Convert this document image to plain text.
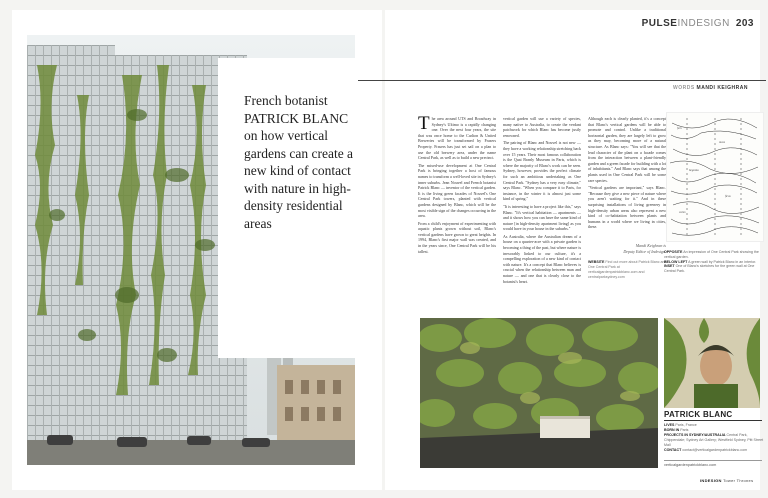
PULSEINDESIGN 203
French botanist PATRICK BLANC on how vertical gardens can create a new kind of contact with nature in high-density residential areas
WORDS MANDI KEIGHRAN

The area around UTS and Broadway in Sydney's Ultimo is a rapidly changing one. Over the next four years, the site that was once home to the Carlton & United Breweries will be transformed by Frasers Property. Frasers has just set sail on a plan to use the old brewery area, under the name Central Park, as well as to build a new precinct.

The mixed-use development at One Central Park is bringing together a host of famous names to transform a well-loved site in Sydney's inner suburbs. Jean Nouvel and French botanist Patrick Blanc — inventor of the vertical garden. It is the living green facades of Nouvel's One Central Park towers, planted with vertical gardens designed by Blanc, which will be the most visible sign of the changes occurring in the area.

From a child's enjoyment of experimenting with aquatic plants grown without soil, Blanc's vertical gardens have grown to great heights. In 1994, Blanc's first major wall was created, and in the years since, One Central Park will be his tallest.

vertical garden will use a variety of species, many native to Australia, to create the verdant patchwork for which Blanc has become justly renowned.

The pairing of Blanc and Nouvel is not new — they have a working relationship stretching back over 15 years. Their most famous collaboration is the Quai Branly Museum in Paris, which is where the majority of Blanc's work can be seen. Sydney, however, provides the perfect climate for such an ambitious undertaking as One Central Park. "Sydney has a very easy climate," says Blanc. "When you compare it to Paris, for instance, in the winter it is almost just some kind of spring."

"It is interesting to have a project like this," says Blanc. "It's vertical habitation — apartments — and it shows how you can have the same kind of nature [in high-density apartment living] as you would have in your house in the suburbs."

As Australia, where the Australian dream of a house on a quarter-acre with a private garden is becoming a thing of the past, but where nature is inexorably linked to our culture, it's a compelling exploration of a new kind of contact with nature. It's a concept that Blanc believes is crucial when the relationship between man and nature — and one that is clearly close to the botanist's heart.

Although each is clearly planted, it's a concept that Blanc's vertical gardens will be able to promote and control. Unlike a traditional horizontal garden, they are largely left to grow as they may, becoming more of a natural structure. As Blanc says: "You will see that the lead character of the plant on a facade comes from the interaction between a plant-friendly garden and a green facade for building with a lot of inhabitants." And Blanc says that among the plants used in One Central Park will be some rare species.

"Vertical gardens are important," says Blanc. "Because they give a new piece of nature where you aren't waiting for it." And in these surprising installations of living greenery in high-density urban areas also represent a new kind of co-habitation between plants and humans in a world where we living in cities, these.

Mandi Keighran is
Deputy Editor of Indesign.
WEBSITE Find out more about Patrick Blanc and One Central Park at verticalgardenpatrickblanc.com and centralparksydney.com
fern
moss
begonia
ficus
carex
OPPOSITE An impression of One Central Park showing the vertical garden.
BELOW LEFT A green wall by Patrick Blanc in an interior.
INSET One of Blanc's sketches for the green wall at One Central Park.
PATRICK BLANC
LIVES Paris, France
BORN IN Paris
PROJECTS IN SYDNEY/AUSTRALIA Central Park, Chippendale; Sydney Art Gallery; Westfield Sydney, Pitt Street Mall
CONTACT contact@verticalgardenpatrickblanc.com
verticalgardenpatrickblanc.com
INDESIGN Tower Thrones
